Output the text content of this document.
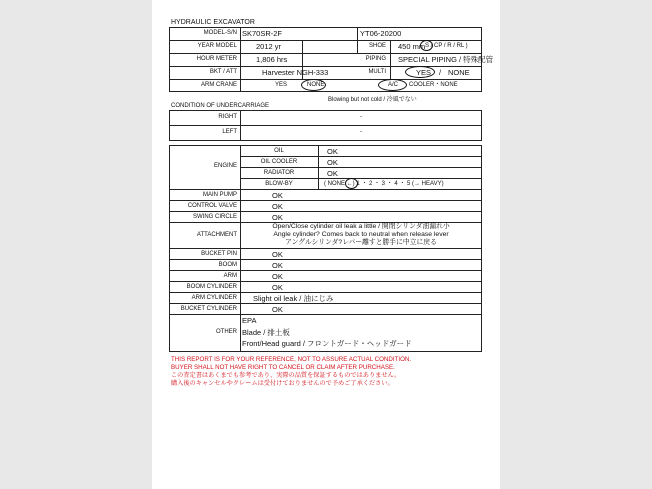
HYDRAULIC EXCAVATOR
MODEL-S/N SK70SR-2F	YT06-20200
YEAR MODEL	2012 yr	SHOE 450 mm S / CP / R / RL )
HOUR METER	1,806 hrs	PIPING SPECIAL PIPING / 特殊配管
BKT / ATT	Harvester NGH-333	MULTI	YES / NONE
ARM CRANE	YES	NONE	A/C COOLER・NONE
Blowing but not cold / 冷風でない
CONDITION OF UNDERCARRIAGE
RIGHT	-
LEFT	-
ENGINE
OIL	OK
OIL COOLER	OK
RADIATOR	OK
BLOW-BY	( NONE ←) 1 ・ 2 ・ 3 ・ 4 ・ 5 (→ HEAVY)
MAIN PUMP	OK
CONTROL VALVE	OK
SWING CIRCLE	OK
ATTACHMENT
Open/Close cylinder oil leak a little / 開閉シリンダ油漏れ小
Angle cylinder? Comes back to neutral when release lever
アングルシリンダ?レバー離すと勝手に中立に戻る
BUCKET PIN	OK
BOOM	OK
ARM	OK
BOOM CYLINDER	OK
ARM CYLINDER Slight oil leak / 油にじみ
BUCKET CYLINDER	OK
OTHER
EPA
Blade / 排土板
Front/Head guard / フロントガード・ヘッドガード
THIS REPORT IS FOR YOUR REFERENCE, NOT TO ASSURE ACTUAL CONDITION.
BUYER SHALL NOT HAVE RIGHT TO CANCEL OR CLAIM AFTER PURCHASE.
この査定書はあくまでも参考であり、実際の品質を保証するものではありません。
購入後のキャンセルやクレームは受付けておりませんので予めご了承ください。
